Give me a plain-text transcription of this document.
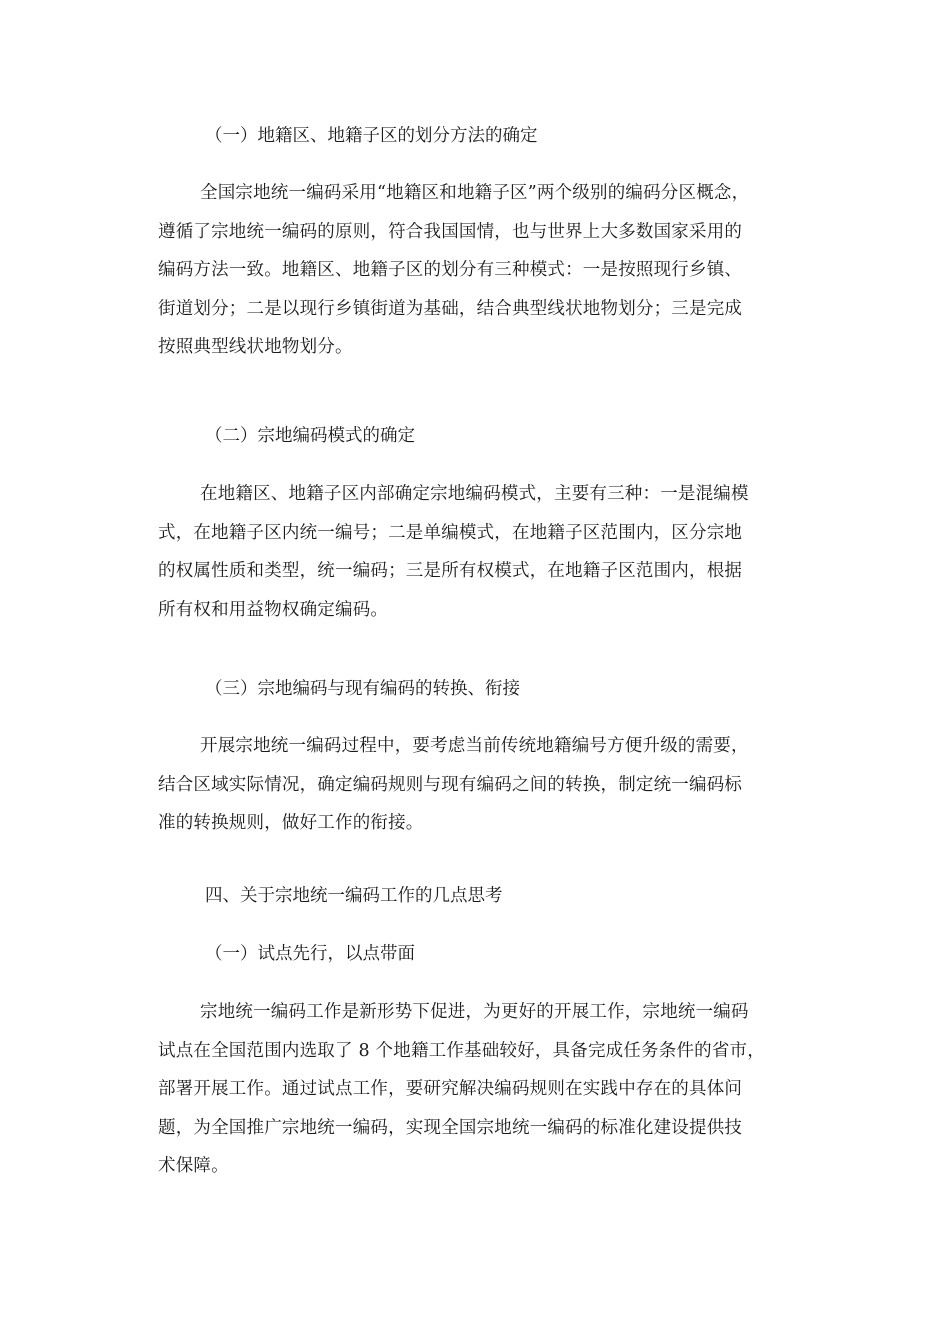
（一）地籍区、地籍子区的划分方法的确定
全国宗地统一编码采用“地籍区和地籍子区”两个级别的编码分区概念，
遵循了宗地统一编码的原则，符合我国国情，也与世界上大多数国家采用的
编码方法一致。地籍区、地籍子区的划分有三种模式：一是按照现行乡镇、
街道划分；二是以现行乡镇街道为基础，结合典型线状地物划分；三是完成
按照典型线状地物划分。
（二）宗地编码模式的确定
在地籍区、地籍子区内部确定宗地编码模式，主要有三种：一是混编模
式，在地籍子区内统一编号；二是单编模式，在地籍子区范围内，区分宗地
的权属性质和类型，统一编码；三是所有权模式，在地籍子区范围内，根据
所有权和用益物权确定编码。
（三）宗地编码与现有编码的转换、衔接
开展宗地统一编码过程中，要考虑当前传统地籍编号方便升级的需要，
结合区域实际情况，确定编码规则与现有编码之间的转换，制定统一编码标
准的转换规则，做好工作的衔接。
四、关于宗地统一编码工作的几点思考
（一）试点先行，以点带面
宗地统一编码工作是新形势下促进，为更好的开展工作，宗地统一编码
试点在全国范围内选取了 8 个地籍工作基础较好，具备完成任务条件的省市，
部署开展工作。通过试点工作，要研究解决编码规则在实践中存在的具体问
题，为全国推广宗地统一编码，实现全国宗地统一编码的标准化建设提供技
术保障。
